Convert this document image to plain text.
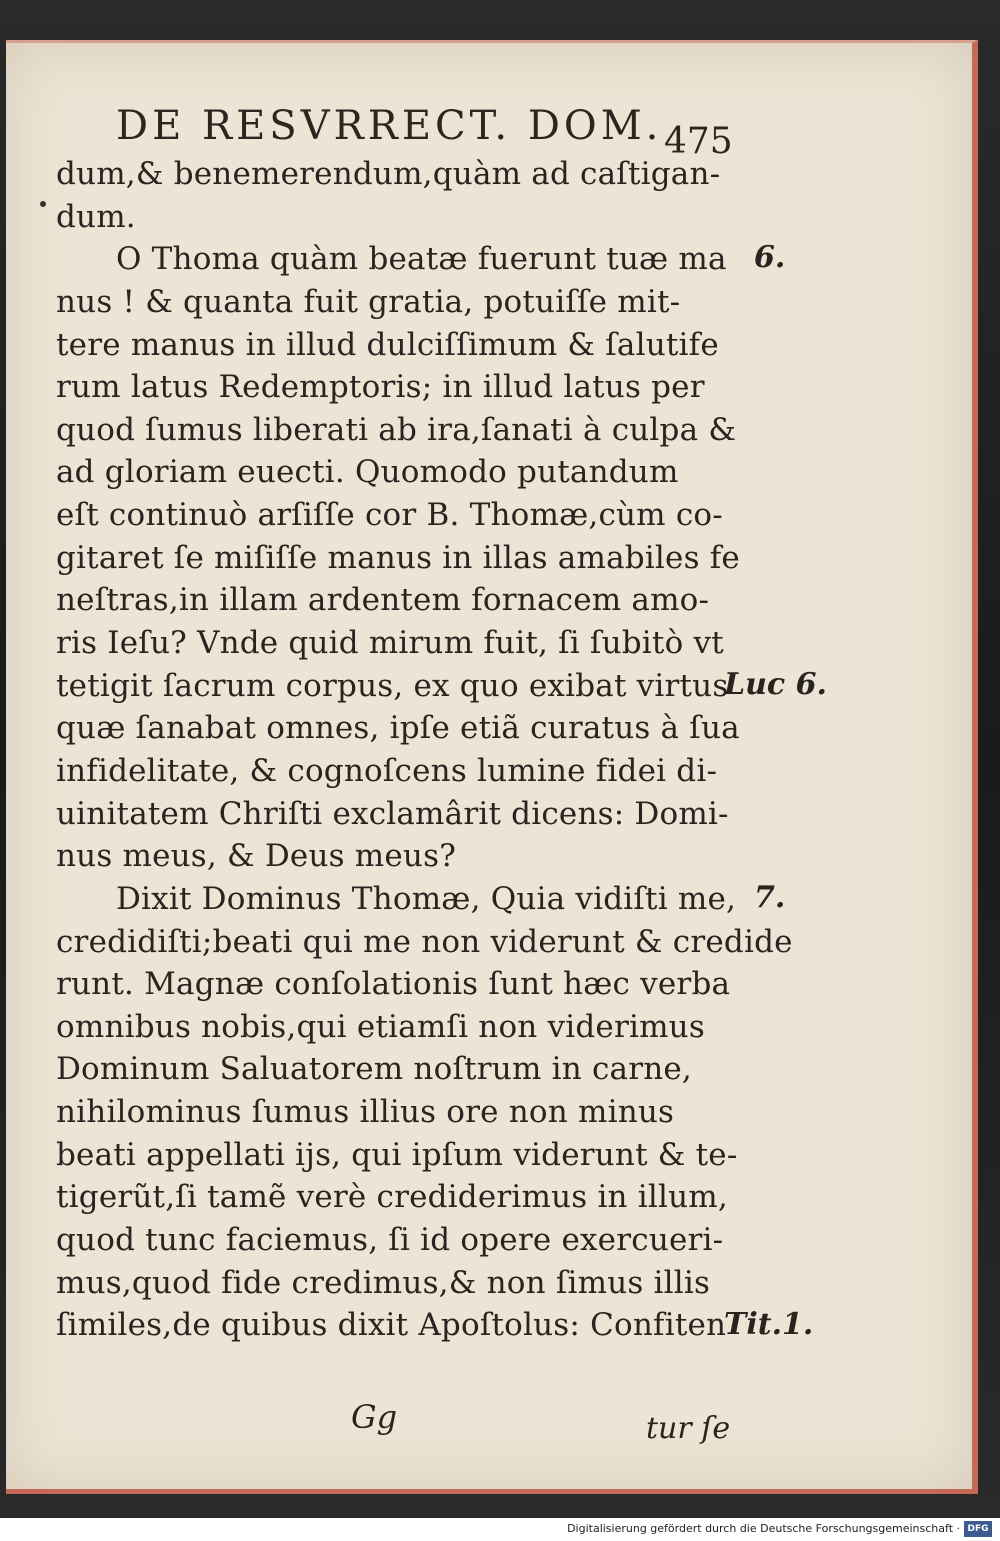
DE RESVRRECT. DOM. 475
dum,& benemerendum,quàm ad caſtigan-
dum.
O Thoma quàm beatæ fuerunt tuæ ma
nus ! & quanta fuit gratia, potuiſſe mit-
tere manus in illud dulciſſimum & ſalutife
rum latus Redemptoris; in illud latus per
quod ſumus liberati ab ira,ſanati à culpa &
ad gloriam euecti. Quomodo putandum
eſt continuò arſiſſe cor B. Thomæ,cùm co-
gitaret ſe miſiſſe manus in illas amabiles fe
neſtras,in illam ardentem fornacem amo-
ris Ieſu? Vnde quid mirum fuit, ſi ſubitò vt
tetigit ſacrum corpus, ex quo exibat virtus
quæ ſanabat omnes, ipſe etiã curatus à ſua
infidelitate, & cognoſcens lumine fidei di-
uinitatem Chriſti exclamârit dicens: Domi-
nus meus, & Deus meus?
Dixit Dominus Thomæ, Quia vidiſti me,
credidiſti;beati qui me non viderunt & credide
runt. Magnæ conſolationis ſunt hæc verba
omnibus nobis,qui etiamſi non viderimus
Dominum Saluatorem noſtrum in carne,
nihilominus ſumus illius ore non minus
beati appellati ijs, qui ipſum viderunt & te-
tigerũt,ſi tamẽ verè crediderimus in illum,
quod tunc faciemus, ſi id opere exercueri-
mus,quod fide credimus,& non ſimus illis
ſimiles,de quibus dixit Apoſtolus: Confiten
6.
Luc 6.
7.
Tit.1.
Gg	tur ſe
Digitalisierung gefördert durch die Deutsche Forschungsgemeinschaft · DFG
